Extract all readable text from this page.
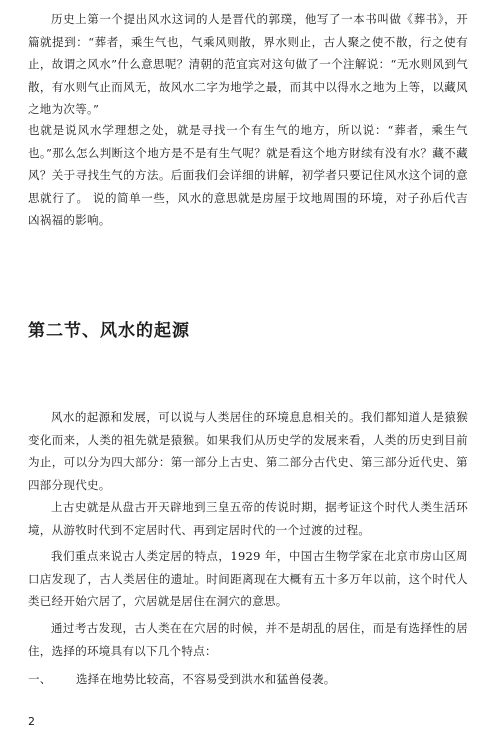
历史上第一个提出风水这词的人是晋代的郭璞，他写了一本书叫做《葬书》，开篇就提到：“葬者，乘生气也，气乘风则散，界水则止，古人聚之使不散，行之使有止，故谓之风水”什么意思呢？清朝的范宜宾对这句做了一个注解说：“无水则风到气散，有水则气止而风无，故风水二字为地学之最，而其中以得水之地为上等，以藏风之地为次等。”

也就是说风水学理想之处，就是寻找一个有生气的地方，所以说：“葬者，乘生气也。”那么怎么判断这个地方是不是有生气呢？就是看这个地方財续有没有水？藏不藏风？关于寻找生气的方法。后面我们会详细的讲解，初学者只要记住风水这个词的意思就行了。 说的简单一些，风水的意思就是房屋于坟地周围的环境，对子孙后代吉凶祸福的影响。

第二节、风水的起源

风水的起源和发展，可以说与人类居住的环境息息相关的。我们都知道人是猿猴变化而来，人类的祖先就是猿猴。如果我们从历史学的发展来看，人类的历史到目前为止，可以分为四大部分：第一部分上古史、第二部分古代史、第三部分近代史、第四部分现代史。

上古史就是从盘古开天辟地到三皇五帝的传说时期，据考证这个时代人类生活环境，从游牧时代到不定居时代、再到定居时代的一个过渡的过程。

我们重点来说古人类定居的特点，1929 年，中国古生物学家在北京市房山区周口店发现了，古人类居住的遗址。时间距离现在大概有五十多万年以前，这个时代人类已经开始穴居了，穴居就是居住在洞穴的意思。

通过考古发现，古人类在在穴居的时候，并不是胡乱的居住，而是有选择性的居住，选择的环境具有以下几个特点：

一、 选择在地势比较高，不容易受到洪水和猛兽侵袭。

2
